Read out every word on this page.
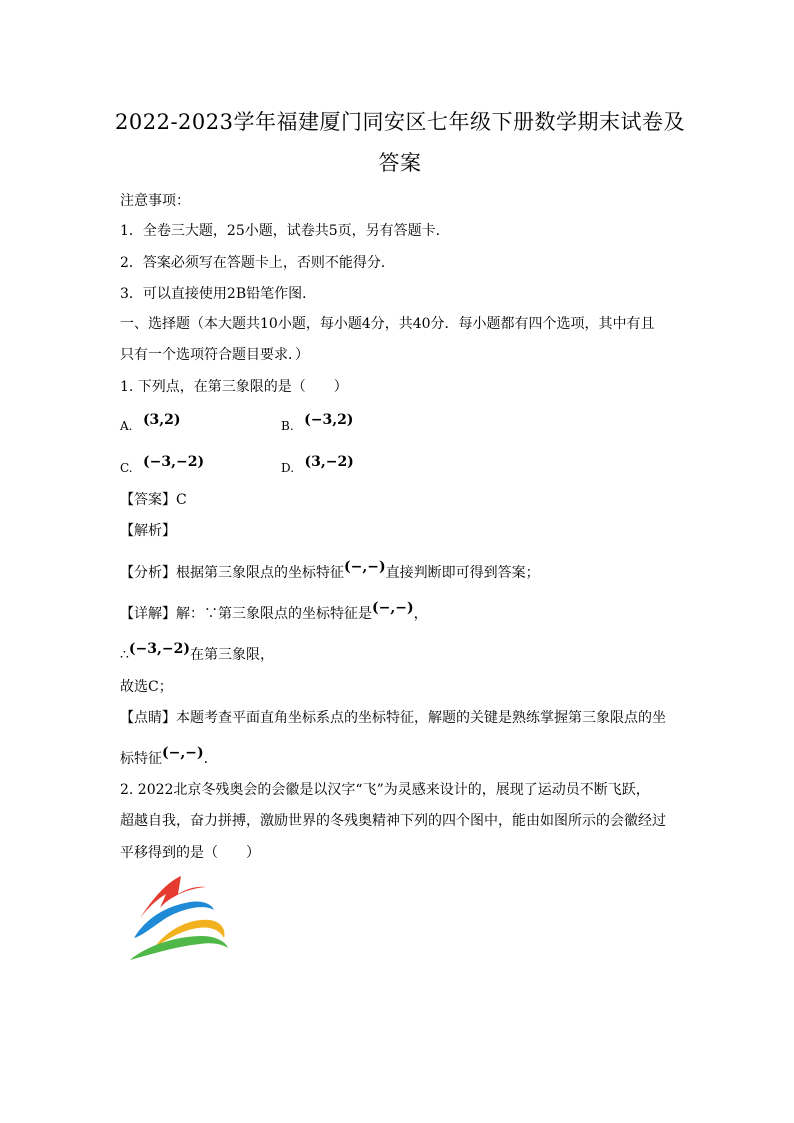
2022-2023学年福建厦门同安区七年级下册数学期末试卷及
答案
注意事项：
1．全卷三大题，25小题，试卷共5页，另有答题卡．
2．答案必须写在答题卡上，否则不能得分．
3．可以直接使用2B铅笔作图．
一、选择题（本大题共10小题，每小题4分，共40分．每小题都有四个选项，其中有且
只有一个选项符合题目要求．）
1. 下列点，在第三象限的是（　　）
A. (3,2)	B. (−3,2)
C. (−3,−2)	D. (3,−2)
【答案】C
【解析】
【分析】根据第三象限点的坐标特征(−,−)直接判断即可得到答案；
【详解】解：∵第三象限点的坐标特征是(−,−)，
∴(−3,−2)在第三象限，
故选C；
【点睛】本题考查平面直角坐标系点的坐标特征，解题的关键是熟练掌握第三象限点的坐
标特征(−,−).
2. 2022北京冬残奥会的会徽是以汉字“飞”为灵感来设计的，展现了运动员不断飞跃，
超越自我，奋力拼搏，激励世界的冬残奥精神下列的四个图中，能由如图所示的会徽经过
平移得到的是（　　）
